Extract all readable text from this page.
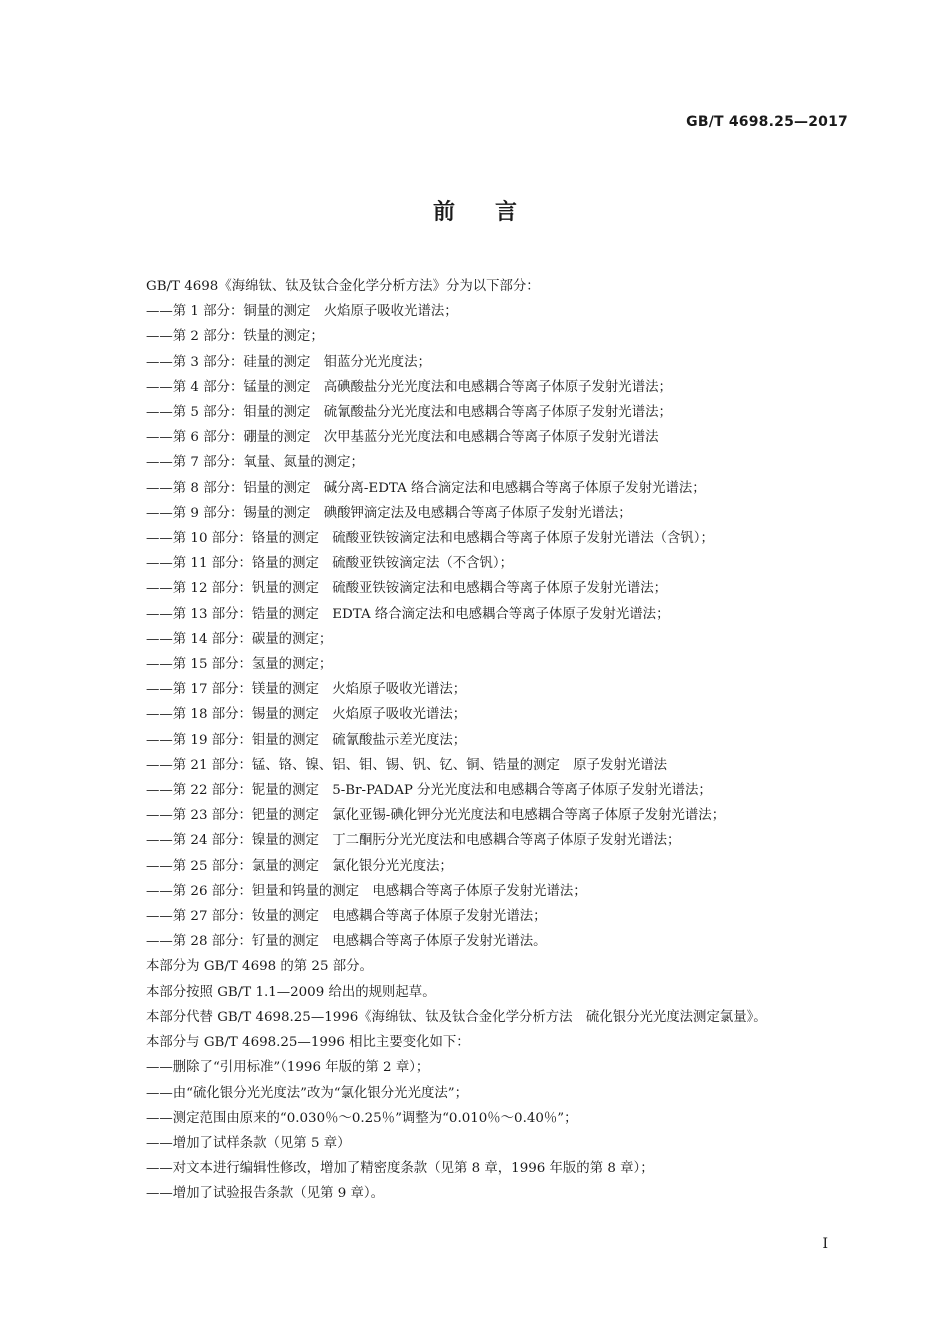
GB/T 4698.25—2017
前言

GB/T 4698《海绵钛、钛及钛合金化学分析方法》分为以下部分：

——第 1 部分：铜量的测定　火焰原子吸收光谱法；

——第 2 部分：铁量的测定；

——第 3 部分：硅量的测定　钼蓝分光光度法；

——第 4 部分：锰量的测定　高碘酸盐分光光度法和电感耦合等离子体原子发射光谱法；

——第 5 部分：钼量的测定　硫氰酸盐分光光度法和电感耦合等离子体原子发射光谱法；

——第 6 部分：硼量的测定　次甲基蓝分光光度法和电感耦合等离子体原子发射光谱法

——第 7 部分：氧量、氮量的测定；

——第 8 部分：铝量的测定　碱分离-EDTA 络合滴定法和电感耦合等离子体原子发射光谱法；

——第 9 部分：锡量的测定　碘酸钾滴定法及电感耦合等离子体原子发射光谱法；

——第 10 部分：铬量的测定　硫酸亚铁铵滴定法和电感耦合等离子体原子发射光谱法（含钒）；

——第 11 部分：铬量的测定　硫酸亚铁铵滴定法（不含钒）；

——第 12 部分：钒量的测定　硫酸亚铁铵滴定法和电感耦合等离子体原子发射光谱法；

——第 13 部分：锆量的测定　EDTA 络合滴定法和电感耦合等离子体原子发射光谱法；

——第 14 部分：碳量的测定；

——第 15 部分：氢量的测定；

——第 17 部分：镁量的测定　火焰原子吸收光谱法；

——第 18 部分：锡量的测定　火焰原子吸收光谱法；

——第 19 部分：钼量的测定　硫氰酸盐示差光度法；

——第 21 部分：锰、铬、镍、铝、钼、锡、钒、钇、铜、锆量的测定　原子发射光谱法

——第 22 部分：铌量的测定　5-Br-PADAP 分光光度法和电感耦合等离子体原子发射光谱法；

——第 23 部分：钯量的测定　氯化亚锡-碘化钾分光光度法和电感耦合等离子体原子发射光谱法；

——第 24 部分：镍量的测定　丁二酮肟分光光度法和电感耦合等离子体原子发射光谱法；

——第 25 部分：氯量的测定　氯化银分光光度法；

——第 26 部分：钽量和钨量的测定　电感耦合等离子体原子发射光谱法；

——第 27 部分：钕量的测定　电感耦合等离子体原子发射光谱法；

——第 28 部分：钌量的测定　电感耦合等离子体原子发射光谱法。

本部分为 GB/T 4698 的第 25 部分。

本部分按照 GB/T 1.1—2009 给出的规则起草。

本部分代替 GB/T 4698.25—1996《海绵钛、钛及钛合金化学分析方法　硫化银分光光度法测定氯量》。

本部分与 GB/T 4698.25—1996 相比主要变化如下：

——删除了“引用标准”（1996 年版的第 2 章）；

——由“硫化银分光光度法”改为“氯化银分光光度法”；

——测定范围由原来的“0.030％～0.25％”调整为“0.010％～0.40％”；

——增加了试样条款（见第 5 章）

——对文本进行编辑性修改，增加了精密度条款（见第 8 章，1996 年版的第 8 章）；

——增加了试验报告条款（见第 9 章）。

I
